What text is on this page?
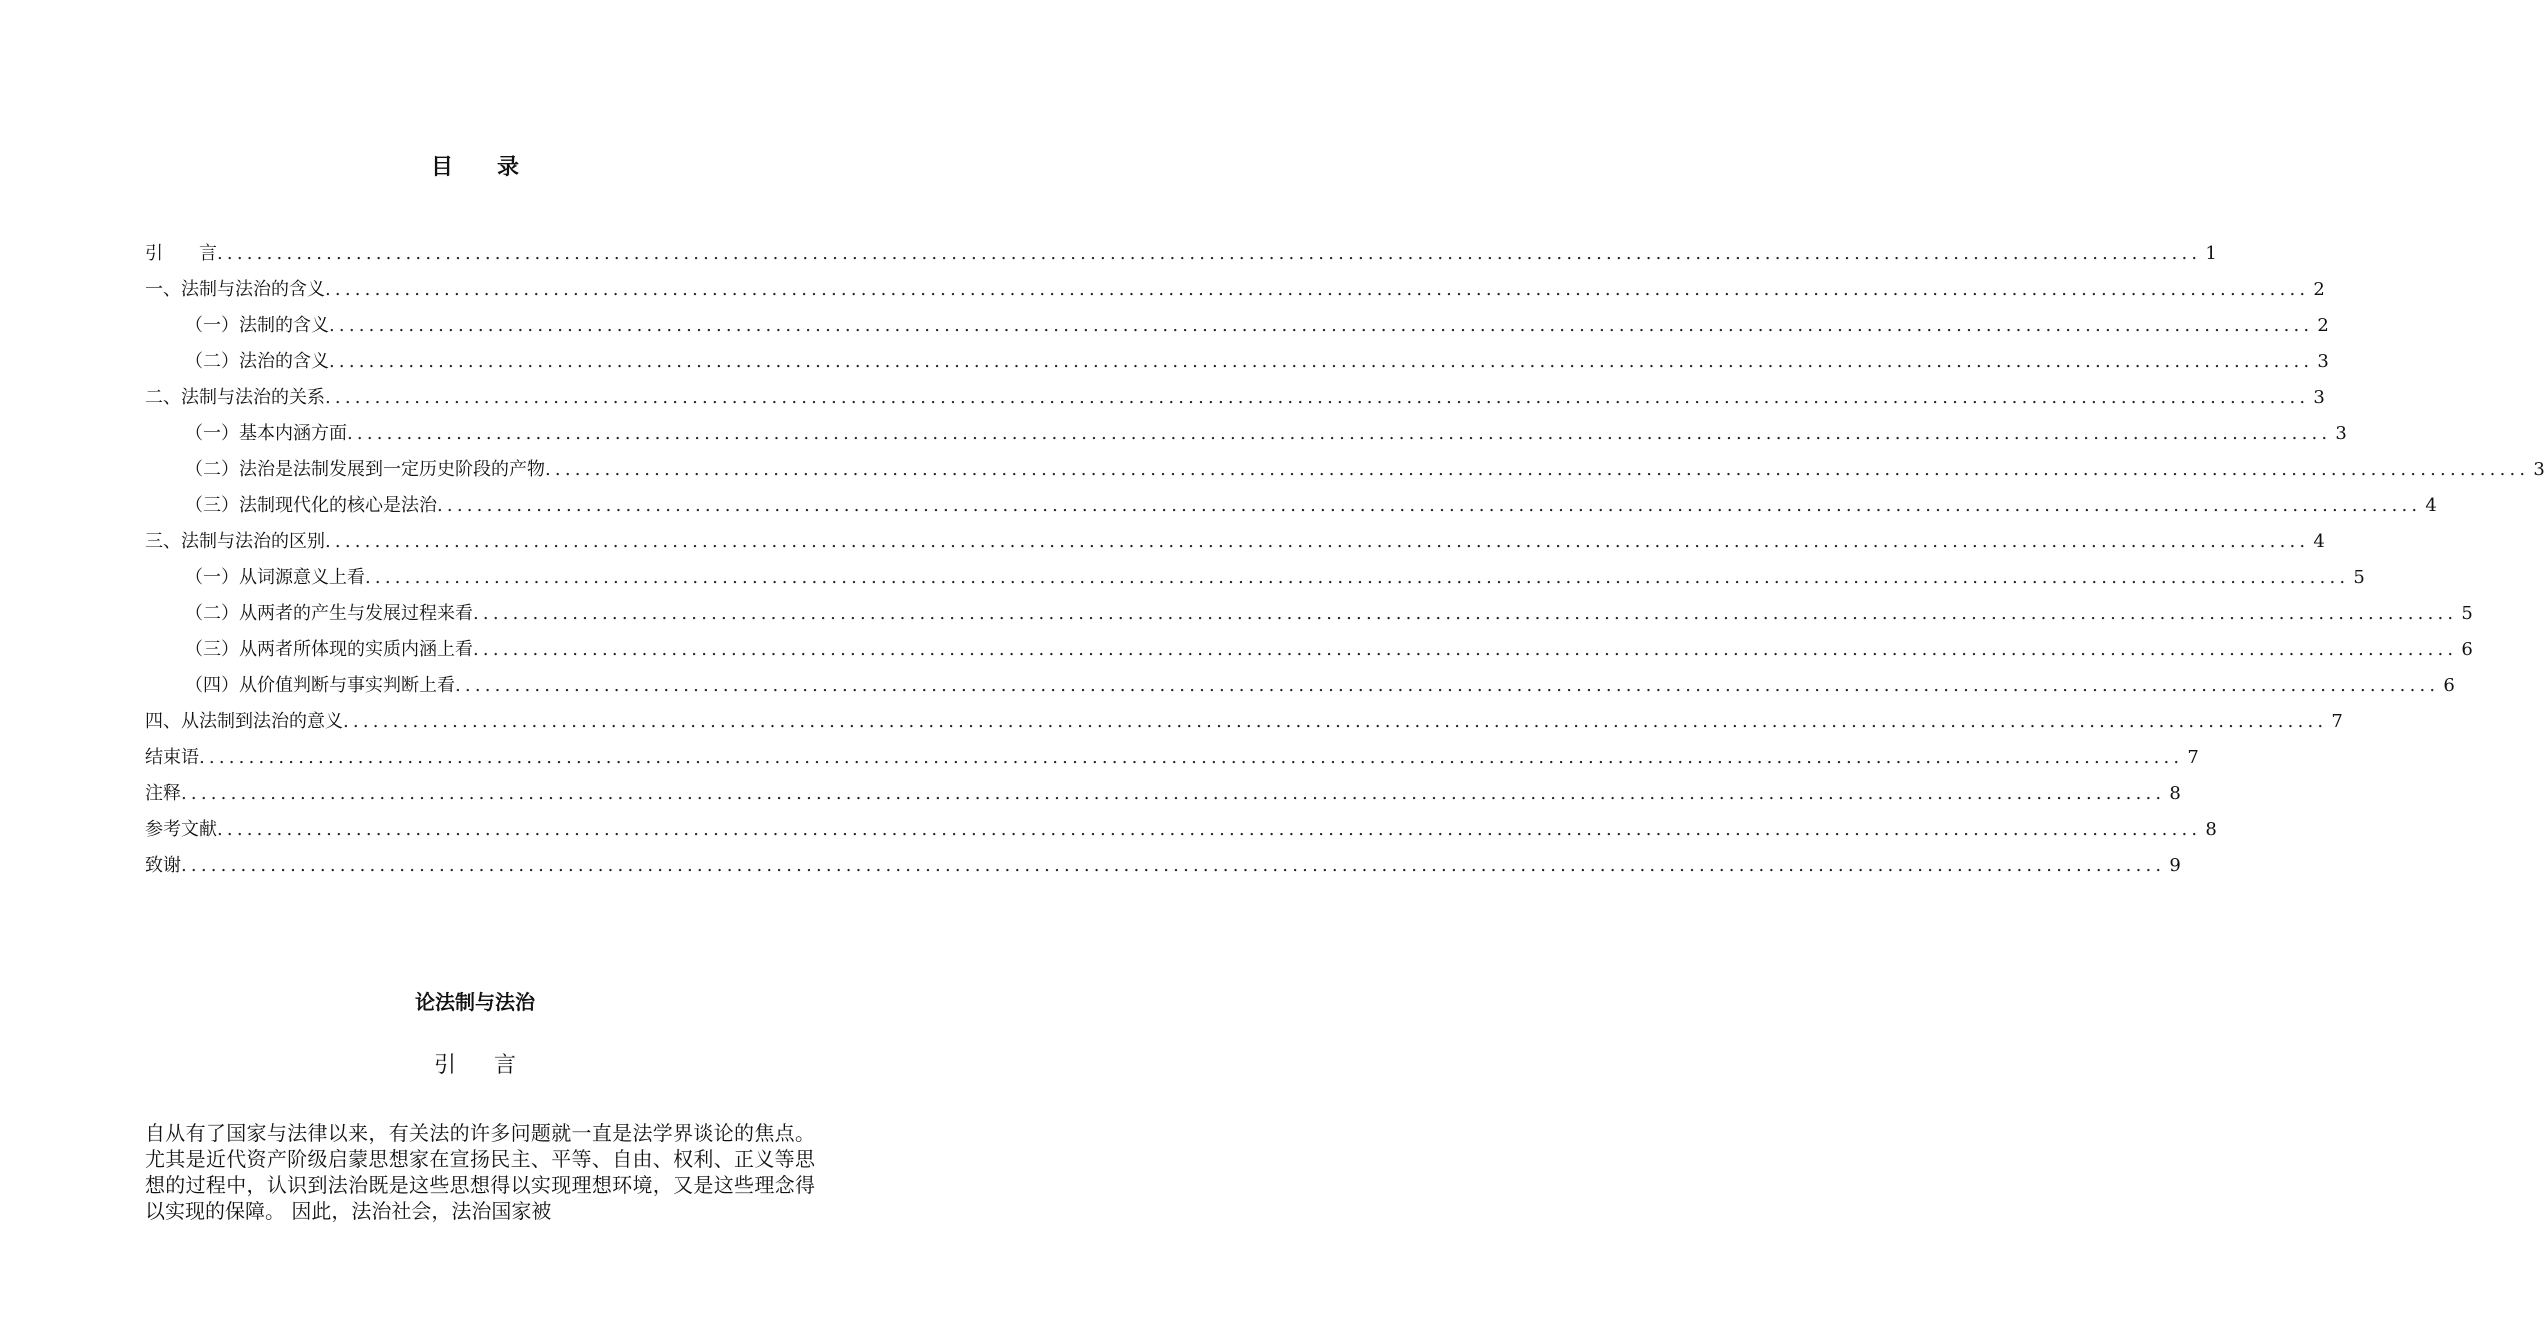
目录
引　　言 ........................................................................................................................................................................................................ 1
一、法制与法治的含义 ........................................................................................................................................................................................................ 2
（一）法制的含义 ........................................................................................................................................................................................................ 2
（二）法治的含义 ........................................................................................................................................................................................................ 3
二、法制与法治的关系 ........................................................................................................................................................................................................ 3
（一）基本内涵方面 ........................................................................................................................................................................................................ 3
（二）法治是法制发展到一定历史阶段的产物 ........................................................................................................................................................................................................ 3
（三）法制现代化的核心是法治 ........................................................................................................................................................................................................ 4
三、法制与法治的区别 ........................................................................................................................................................................................................ 4
（一）从词源意义上看 ........................................................................................................................................................................................................ 5
（二）从两者的产生与发展过程来看 ........................................................................................................................................................................................................ 5
（三）从两者所体现的实质内涵上看 ........................................................................................................................................................................................................ 6
（四）从价值判断与事实判断上看 ........................................................................................................................................................................................................ 6
四、从法制到法治的意义 ........................................................................................................................................................................................................ 7
结束语 ........................................................................................................................................................................................................ 7
注释 ........................................................................................................................................................................................................ 8
参考文献 ........................................................................................................................................................................................................ 8
致谢 ........................................................................................................................................................................................................ 9
论法制与法治
引言

自从有了国家与法律以来，有关法的许多问题就一直是法学界谈论的焦点。 尤其是近代资产阶级启蒙思想家在宣扬民主、平等、自由、权利、正义等思想的过程中，认识到法治既是这些思想得以实现理想环境，又是这些理念得以实现的保障。 因此，法治社会，法治国家被
